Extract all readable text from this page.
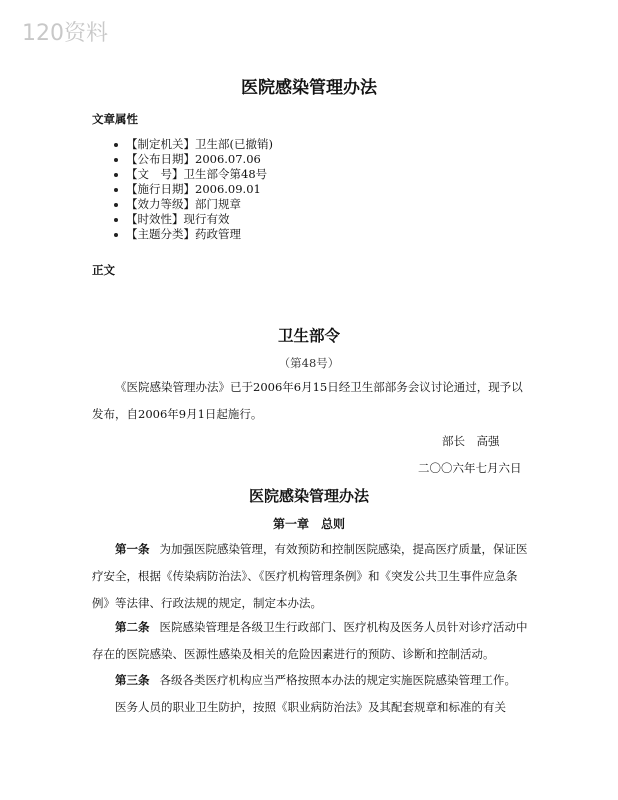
120资料
医院感染管理办法
文章属性
【制定机关】卫生部(已撤销)
【公布日期】2006.07.06
【文　号】卫生部令第48号
【施行日期】2006.09.01
【效力等级】部门规章
【时效性】现行有效
【主题分类】药政管理
正文
卫生部令
（第48号）
《医院感染管理办法》已于2006年6月15日经卫生部部务会议讨论通过，现予以发布，自2006年9月1日起施行。
部长　高强
二〇〇六年七月六日
医院感染管理办法
第一章　总则
第一条 为加强医院感染管理，有效预防和控制医院感染，提高医疗质量，保证医疗安全，根据《传染病防治法》、《医疗机构管理条例》和《突发公共卫生事件应急条例》等法律、行政法规的规定，制定本办法。
第二条 医院感染管理是各级卫生行政部门、医疗机构及医务人员针对诊疗活动中存在的医院感染、医源性感染及相关的危险因素进行的预防、诊断和控制活动。
第三条 各级各类医疗机构应当严格按照本办法的规定实施医院感染管理工作。
医务人员的职业卫生防护，按照《职业病防治法》及其配套规章和标准的有关
